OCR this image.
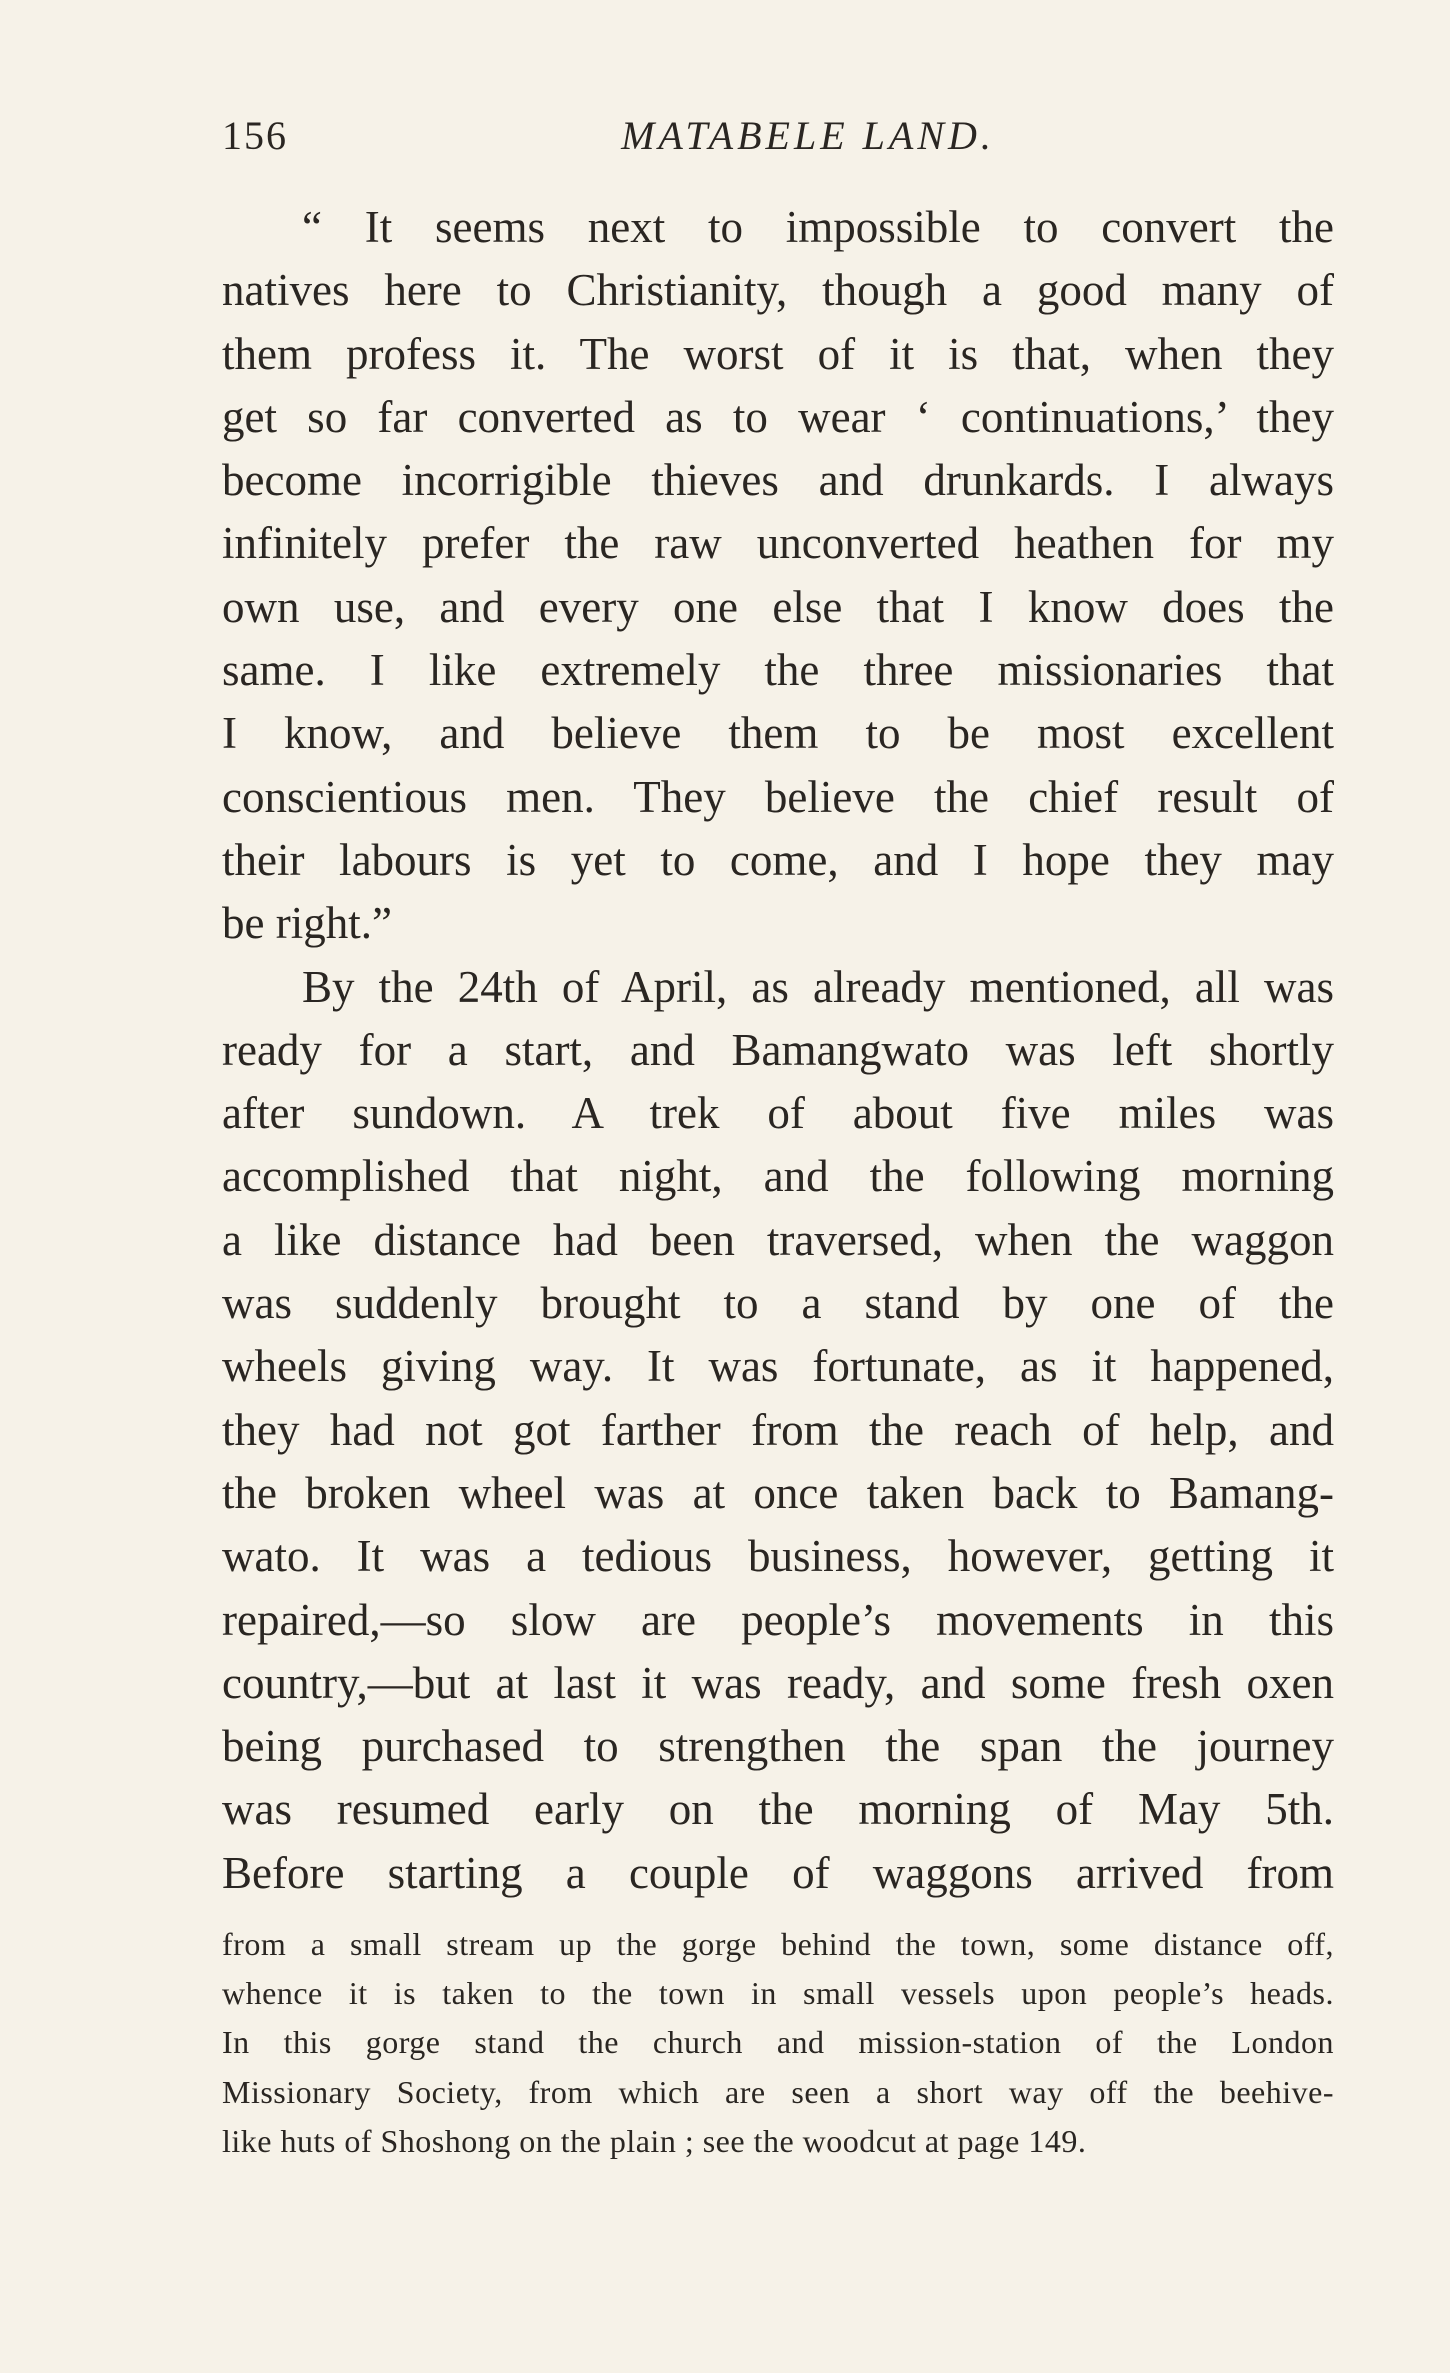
156	MATABELE LAND.
“ It seems next to impossible to convert the
natives here to Christianity, though a good many of
them profess it. The worst of it is that, when they
get so far converted as to wear ‘ continuations,’ they
become incorrigible thieves and drunkards. I always
infinitely prefer the raw unconverted heathen for my
own use, and every one else that I know does the
same. I like extremely the three missionaries that
I know, and believe them to be most excellent
conscientious men. They believe the chief result of
their labours is yet to come, and I hope they may
be right.”
By the 24th of April, as already mentioned, all was
ready for a start, and Bamangwato was left shortly
after sundown. A trek of about five miles was
accomplished that night, and the following morning
a like distance had been traversed, when the waggon
was suddenly brought to a stand by one of the
wheels giving way. It was fortunate, as it happened,
they had not got farther from the reach of help, and
the broken wheel was at once taken back to Bamang-
wato. It was a tedious business, however, getting it
repaired,—so slow are people’s movements in this
country,—but at last it was ready, and some fresh oxen
being purchased to strengthen the span the journey
was resumed early on the morning of May 5th.
Before starting a couple of waggons arrived from
from a small stream up the gorge behind the town, some distance off,
whence it is taken to the town in small vessels upon people’s heads.
In this gorge stand the church and mission-station of the London
Missionary Society, from which are seen a short way off the beehive-
like huts of Shoshong on the plain ; see the woodcut at page 149.
